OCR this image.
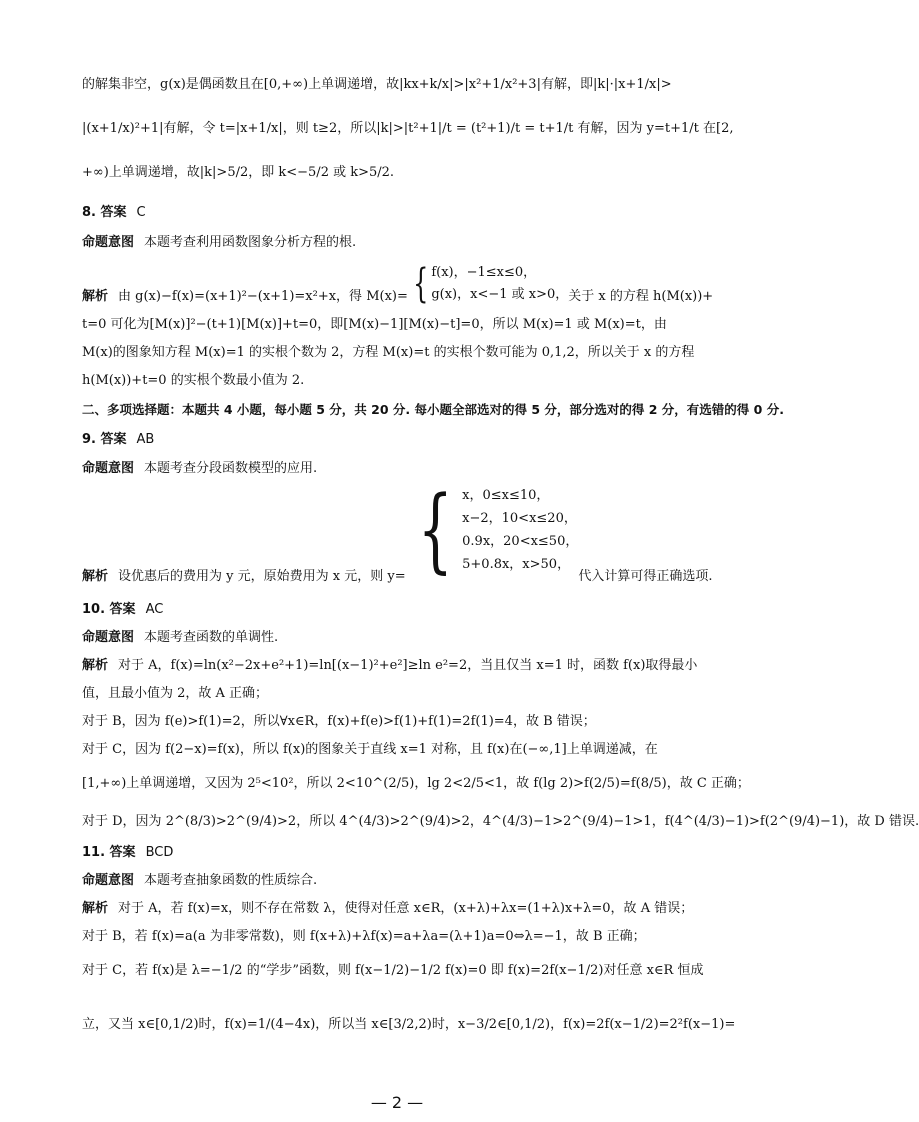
的解集非空，g(x)是偶函数且在[0,+∞)上单调递增，故|kx+k/x|>|x²+1/x²+3|有解，即|k|·|x+1/x|>
|(x+1/x)²+1|有解，令 t=|x+1/x|，则 t≥2，所以|k|>|t²+1|/t = (t²+1)/t = t+1/t 有解，因为 y=t+1/t 在[2,
+∞)上单调递增，故|k|>5/2，即 k<−5/2 或 k>5/2.
8. 答案 C
命题意图 本题考查利用函数图象分析方程的根.
解析 由 g(x)−f(x)=(x+1)²−(x+1)=x²+x，得 M(x)= { f(x)，−1≤x≤0，
g(x)，x<−1 或 x>0， 关于 x 的方程 h(M(x))+
t=0 可化为[M(x)]²−(t+1)[M(x)]+t=0，即[M(x)−1][M(x)−t]=0，所以 M(x)=1 或 M(x)=t，由
M(x)的图象知方程 M(x)=1 的实根个数为 2，方程 M(x)=t 的实根个数可能为 0,1,2，所以关于 x 的方程
h(M(x))+t=0 的实根个数最小值为 2.
二、多项选择题：本题共 4 小题，每小题 5 分，共 20 分. 每小题全部选对的得 5 分，部分选对的得 2 分，有选错的得 0 分.
9. 答案 AB
命题意图 本题考查分段函数模型的应用.
解析 设优惠后的费用为 y 元，原始费用为 x 元，则 y= { x，0≤x≤10，
x−2，10<x≤20，
0.9x，20<x≤50，
5+0.8x，x>50，
代入计算可得正确选项.
10. 答案 AC
命题意图 本题考查函数的单调性.
解析 对于 A，f(x)=ln(x²−2x+e²+1)=ln[(x−1)²+e²]≥ln e²=2，当且仅当 x=1 时，函数 f(x)取得最小
值，且最小值为 2，故 A 正确；
对于 B，因为 f(e)>f(1)=2，所以∀x∈R，f(x)+f(e)>f(1)+f(1)=2f(1)=4，故 B 错误；
对于 C，因为 f(2−x)=f(x)，所以 f(x)的图象关于直线 x=1 对称，且 f(x)在(−∞,1]上单调递减，在
[1,+∞)上单调递增，又因为 2⁵<10²，所以 2<10^(2/5)，lg 2<2/5<1，故 f(lg 2)>f(2/5)=f(8/5)，故 C 正确；
对于 D，因为 2^(8/3)>2^(9/4)>2，所以 4^(4/3)>2^(9/4)>2，4^(4/3)−1>2^(9/4)−1>1，f(4^(4/3)−1)>f(2^(9/4)−1)，故 D 错误.
11. 答案 BCD
命题意图 本题考查抽象函数的性质综合.
解析 对于 A，若 f(x)=x，则不存在常数 λ，使得对任意 x∈R，(x+λ)+λx=(1+λ)x+λ=0，故 A 错误；
对于 B，若 f(x)=a(a 为非零常数)，则 f(x+λ)+λf(x)=a+λa=(λ+1)a=0⇔λ=−1，故 B 正确；
对于 C，若 f(x)是 λ=−1/2 的“学步”函数，则 f(x−1/2)−1/2 f(x)=0 即 f(x)=2f(x−1/2)对任意 x∈R 恒成
立，又当 x∈[0,1/2)时，f(x)=1/(4−4x)，所以当 x∈[3/2,2)时，x−3/2∈[0,1/2)，f(x)=2f(x−1/2)=2²f(x−1)=
— 2 —
